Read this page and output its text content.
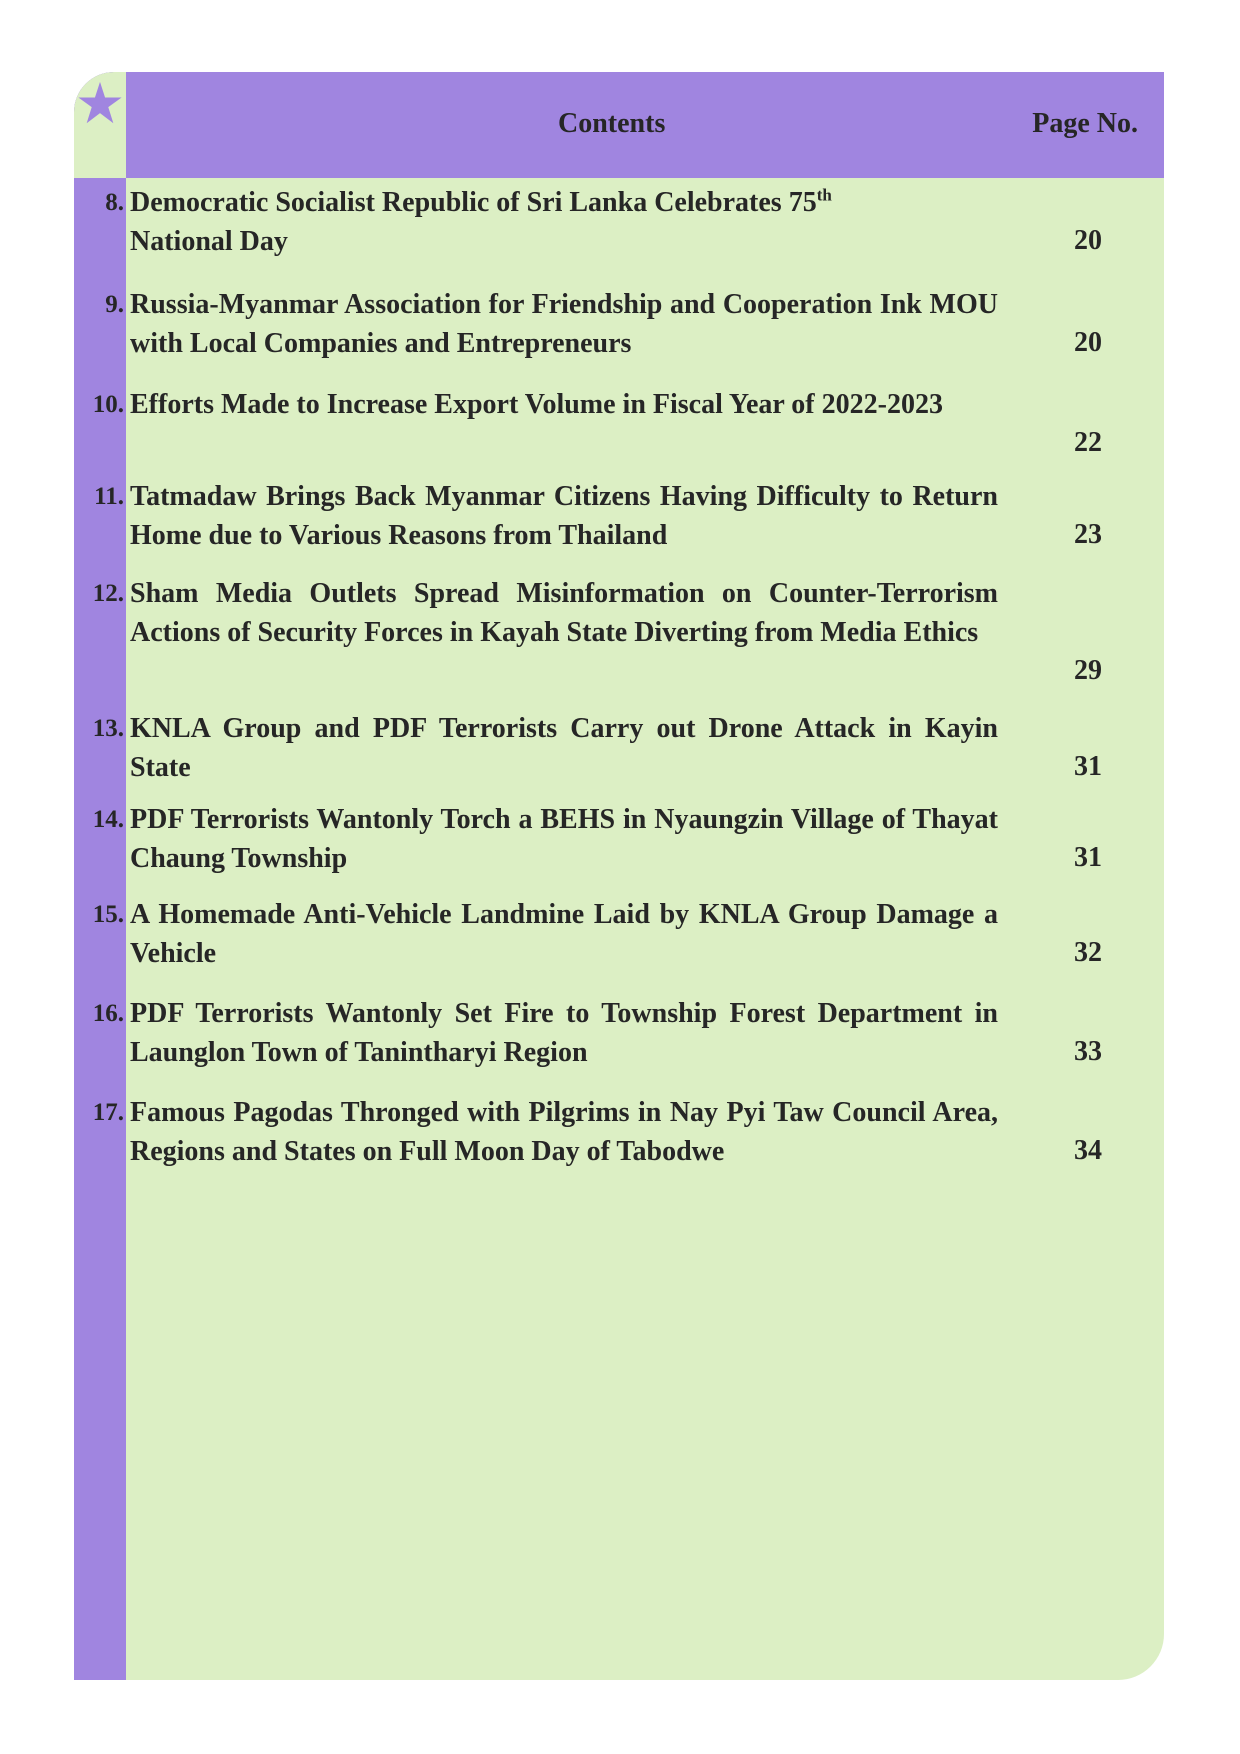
Contents	Page No.
8. Democratic Socialist Republic of Sri Lanka Celebrates 75th
National Day	20
9. Russia-Myanmar Association for Friendship and Cooperation Ink MOU with Local Companies and Entrepreneurs	20
10. Efforts Made to Increase Export Volume in Fiscal Year of 2022-2023
22
11. Tatmadaw Brings Back Myanmar Citizens Having Difficulty to Return Home due to Various Reasons from Thailand	23
12. Sham Media Outlets Spread Misinformation on Counter-Terrorism Actions of Security Forces in Kayah State Diverting from Media Ethics
29
13. KNLA Group and PDF Terrorists Carry out Drone Attack in Kayin State	31
14. PDF Terrorists Wantonly Torch a BEHS in Nyaungzin Village of Thayat Chaung Township	31
15. A Homemade Anti-Vehicle Landmine Laid by KNLA Group Damage a Vehicle	32
16. PDF Terrorists Wantonly Set Fire to Township Forest Department in Launglon Town of Tanintharyi Region	33
17. Famous Pagodas Thronged with Pilgrims in Nay Pyi Taw Council Area, Regions and States on Full Moon Day of Tabodwe	34
